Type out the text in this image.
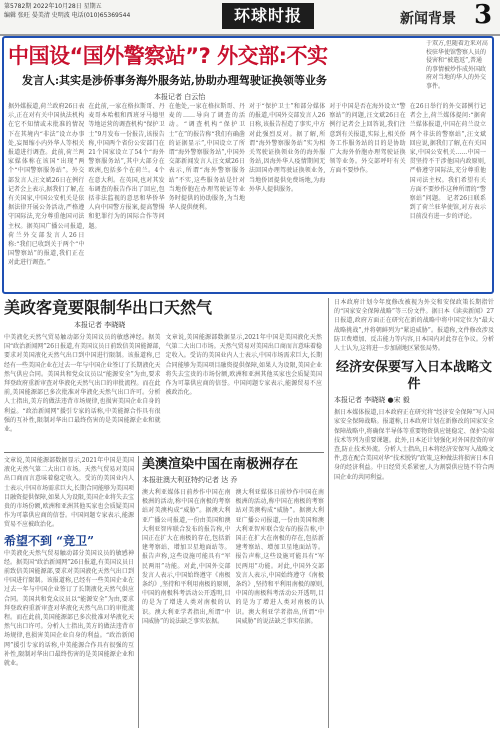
第5782期 2022年10月28日 星期五
编辑 张旺 晏美清 史明波 电话(010)65369544	环球时报	新闻背景 3
中国设“国外警察站”? 外交部:不实
发言人:其实是涉侨事务海外服务站,协助办理驾驶证换领等业务
本报记者 白云怡
于双方,但随着近来对高校驻华使馆警察人员的侵害和“被遣返”,普通的事情被炒作成外国政府对当地的华人的外交事件。
据外媒报道,荷兰政府26日表示,正在对有关中国执法机构在它不知情或未批准的情况下在其境内“非法”设立办事处,妄图缩小内外华人等相关报道进行调查。此前,荷兰两家媒体称在该国“出现”两个“中国警察服务站”。外交部发言人汪文斌26日在例行记者会上表示,据我们了解,在有关国家,中国公安机关是依据法律开展公务活动,严格遵守国际法,充分尊重他国司法主权。据英国广播公司报道,荷兰外交部发言人26日称:“我们已收到关于两个“中国警察站”的报道,我们正在对此进行调查。”
在此前,一家在格拉斯哥、丹麦哥本哈根和西班牙马德里等地运营的调查机构“保护卫士”9月发布一份报告,该报告称,中国两个省份公安部门在21个国家设立了54个“海外警察服务站”,其中大部分在欧洲,包括多个在荷兰。4个在意大利。在英国,也对其发布调查的报告作出了回应,包括非法监视的意思和华侨华人向中国警方报案,提高警惕和犯罪行为的国际合作等问题。
在他处,一家在格拉斯哥、丹麦的……导向了调查的活动。“调查机构“保护卫士”在”的报告称“我们有确凿的证据显示”,中国设立了所谓“海外警察服务站”,中国外交部新闻发言人汪文斌26日表示,所谓“海外警察服务站”不实,这些服务站是针对当地侨胞在办理驾驶证等业务时提供的协助服务,为当地华人提供便利。
对于“保护卫士”和部分媒体的报道,中国外交部发言人26日称,该报告捏造了事实,中方对此强烈反对。据了解,所谓“海外警察服务站”实为相关驾驶证换领业务的海外服务站,因海外华人疫情期间无法回国办理驾驶证换领业务,当地侨团提供免费场地,为海外华人提供服务。
对于中国是否在海外设立“警察站”的问题,汪文斌26日在例行记者会上回答说,我们注意到有关报道,实际上,相关侨务工作服务站的目的是协助广大海外侨胞办理驾驶证换领等业务。外交部呼吁有关方面不要炒作。
在26日举行的外交部例行记者会上,荷兰媒体提问:“据荷兰媒体报道,中国在荷兰设立两个非法的警察站”,汪文斌回应说,据我们了解,在有关国家,中国公安机关……中国一贯坚持不干涉他国内政原则,严格遵守国际法,充分尊重他国司法主权。我们希望有关方面不要炒作这种所谓的“警察站”问题。 记者26日联系到了荷兰驻华使馆,对方表示目前没有进一步的评论。
美政客竟要限制华出口天然气
本报记者 李晓晓
中美液化天然气贸易触动部分美国议员的敏感神经。据美国“政治新闻网”26日报道,有美国议员日前致信美国能源部,要求对美国液化天然气出口到中国进行限制。该报道称,已经有一些美国企业在过去一年与中国企业签订了长期液化天然气供应合同。美国共和党众议员以“能源安全”为由,要求拜登政府重新审查对华液化天然气出口的审批流程。而在此前,美国能源部已多次批准对华液化天然气出口许可。分析人士指出,美方的做法违背市场规律,也损害美国企业自身的利益。“政治新闻网”援引专家的话称,中美能源合作具有很强的互补性,限制对华出口最终伤害的是美国能源企业和就业。
文章说,美国能源部数据显示,2021年中国是美国液化天然气第二大出口市场。天然气贸易对美国出口商而言意味着稳定收入。受访的美国业内人士表示,中国市场需求巨大,长期合同能够为美国项目融资提供保障,如果人为设限,美国企业将失去宝贵的市场份额,欧洲和亚洲其他买家也会质疑美国作为可靠供应商的信誉。中国问题专家表示,能源贸易不应被政治化。
文章说,美国能源部数据显示,2021年中国是美国液化天然气第二大出口市场。天然气贸易对美国出口商而言意味着稳定收入。受访的美国业内人士表示,中国市场需求巨大,长期合同能够为美国项目融资提供保障,如果人为设限,美国企业将失去宝贵的市场份额,欧洲和亚洲其他买家也会质疑美国作为可靠供应商的信誉。中国问题专家表示,能源贸易不应被政治化。
希望不到 “竞卫”
中美液化天然气贸易触动部分美国议员的敏感神经。据美国“政治新闻网”26日报道,有美国议员日前致信美国能源部,要求对美国液化天然气出口到中国进行限制。该报道称,已经有一些美国企业在过去一年与中国企业签订了长期液化天然气供应合同。美国共和党众议员以“能源安全”为由,要求拜登政府重新审查对华液化天然气出口的审批流程。而在此前,美国能源部已多次批准对华液化天然气出口许可。分析人士指出,美方的做法违背市场规律,也损害美国企业自身的利益。“政治新闻网”援引专家的话称,中美能源合作具有很强的互补性,限制对华出口最终伤害的是美国能源企业和就业。
美澳渲染中国在南极洲存在
本报驻澳大利亚特约记者 达 乔
澳大利亚媒体日前炒作中国在南极洲的活动,称中国在南极的考察站对美澳构成“威胁”。据澳大利亚广播公司报道,一份由美国和澳大利亚智库联合发布的报告称,中国正在扩大在南极的存在,包括新建考察站、增加卫星地面站等。报告声称,这些设施可能具有“军民两用”功能。对此,中国外交部发言人表示,中国始终遵守《南极条约》,坚持和平利用南极的原则,中国的南极科考活动公开透明,目的是为了增进人类对南极的认识。澳大利亚学者指出,所谓“中国威胁”的说法缺乏事实依据。
澳大利亚媒体日前炒作中国在南极洲的活动,称中国在南极的考察站对美澳构成“威胁”。据澳大利亚广播公司报道,一份由美国和澳大利亚智库联合发布的报告称,中国正在扩大在南极的存在,包括新建考察站、增加卫星地面站等。报告声称,这些设施可能具有“军民两用”功能。对此,中国外交部发言人表示,中国始终遵守《南极条约》,坚持和平利用南极的原则,中国的南极科考活动公开透明,目的是为了增进人类对南极的认识。澳大利亚学者指出,所谓“中国威胁”的说法缺乏事实依据。
日本政府计划今年度修改被视为外交和安保政策长期指针的“国家安全保障战略”等三份文件。据日本《读卖新闻》27日报道,政府方面正在研究在新的战略中将中国定位为“最大战略挑战”,并将朝鲜列为“紧迫威胁”。报道称,文件修改涉及防卫费增加、反击能力等内容,日本国内对此存在争议。分析人士认为,这将进一步加剧地区紧张局势。
经济安保要写入日本战略文件
本报记者 李晓晓 ●宋 毅
据日本媒体报道,日本政府正在研究将“经济安全保障”写入国家安全保障战略。报道称,日本政府计划在新修改的国家安全保障战略中,将确保半导体等重要物资供应链稳定、保护尖端技术等列为重要课题。此外,日本还计划强化对外国投资的审查,防止技术外流。分析人士指出,日本将经济安保写入战略文件,意在配合美国对华“技术脱钩”政策,这种做法将损害日本自身的经济利益。中日经贸关系紧密,人为割裂供应链不符合两国企业的共同利益。
